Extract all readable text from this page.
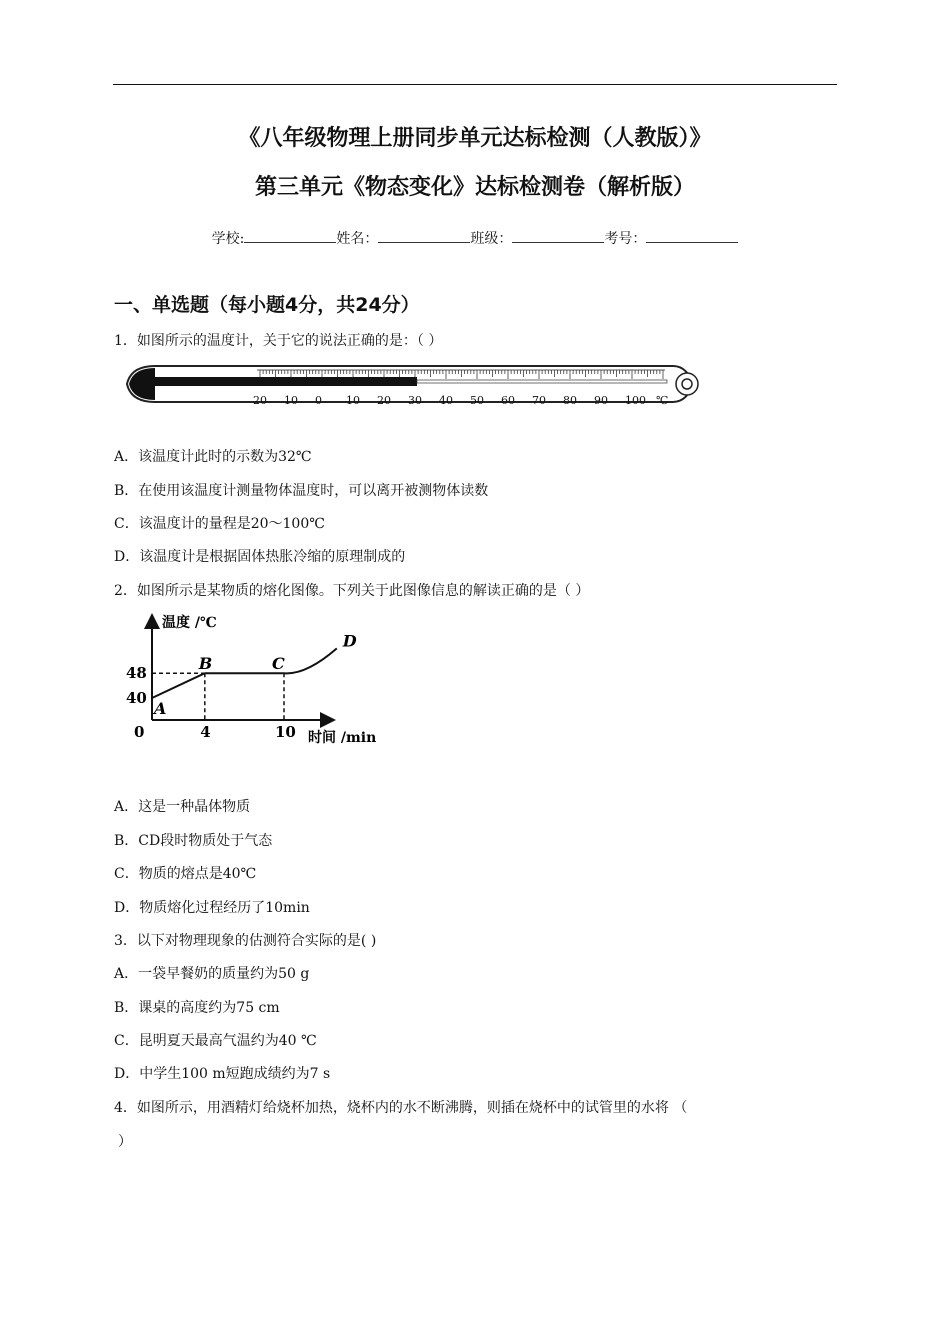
《八年级物理上册同步单元达标检测（人教版）》
第三单元《物态变化》达标检测卷（解析版）
学校:	姓名：	班级：	考号：
一、单选题（每小题4分，共24分）
1．如图所示的温度计，关于它的说法正确的是：（ ）
20 10 0 10 20 30 40 50 60 70 80 90 100 ℃
A．该温度计此时的示数为32℃
B．在使用该温度计测量物体温度时，可以离开被测物体读数
C．该温度计的量程是20～100℃
D．该温度计是根据固体热胀冷缩的原理制成的
2．如图所示是某物质的熔化图像。下列关于此图像信息的解读正确的是（ ）
温度 /℃
时间 /min
A
B	C
D
0	4	10
40
48
A．这是一种晶体物质
B．CD段时物质处于气态
C．物质的熔点是40℃
D．物质熔化过程经历了10min
3．以下对物理现象的估测符合实际的是( )
A．一袋早餐奶的质量约为50 g
B．课桌的高度约为75 cm
C．昆明夏天最高气温约为40 ℃
D．中学生100 m短跑成绩约为7 s
4．如图所示，用酒精灯给烧杯加热，烧杯内的水不断沸腾，则插在烧杯中的试管里的水将 （
）
